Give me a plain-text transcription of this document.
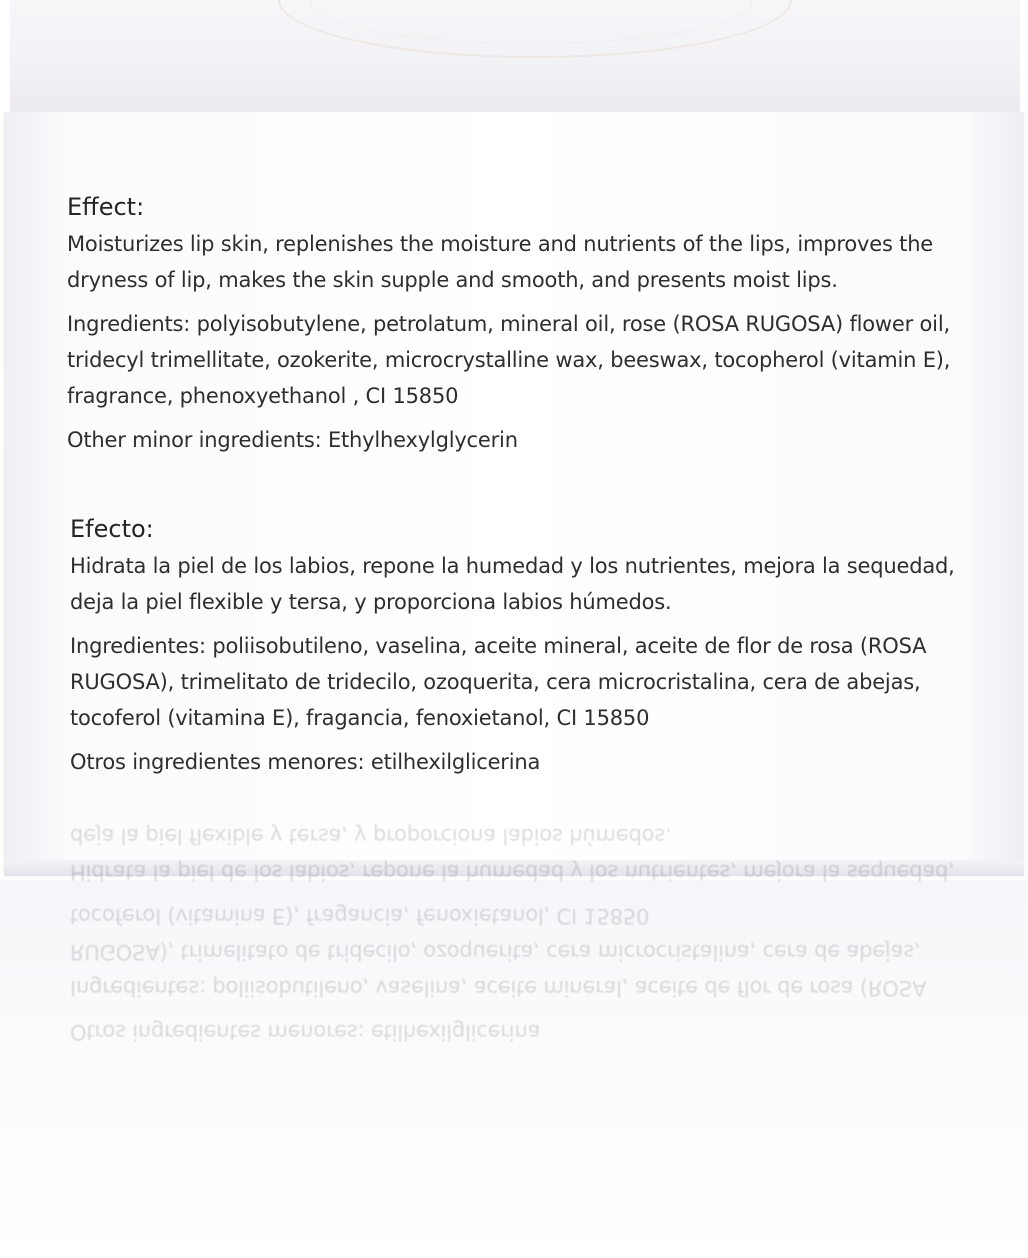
Effect:
Moisturizes lip skin, replenishes the moisture and nutrients of the lips, improves the dryness of lip, makes the skin supple and smooth, and presents moist lips.
Ingredients: polyisobutylene, petrolatum, mineral oil, rose (ROSA RUGOSA) flower oil, tridecyl trimellitate, ozokerite, microcrystalline wax, beeswax, tocopherol (vitamin E), fragrance, phenoxyethanol , CI 15850
Other minor ingredients: Ethylhexylglycerin
Efecto:
Hidrata la piel de los labios, repone la humedad y los nutrientes, mejora la sequedad, deja la piel flexible y tersa, y proporciona labios húmedos.
Ingredientes: poliisobutileno, vaselina, aceite mineral, aceite de flor de rosa (ROSA RUGOSA), trimelitato de tridecilo, ozoquerita, cera microcristalina, cera de abejas, tocoferol (vitamina E), fragancia, fenoxietanol, CI 15850
Otros ingredientes menores: etilhexilglicerina
Otros ingredientes menores: etilhexilglicerina
Ingredientes: poliisobutileno, vaselina, aceite mineral, aceite de flor de rosa (ROSA RUGOSA), trimelitato de tridecilo, ozoquerita, cera microcristalina, cera de abejas, tocoferol (vitamina E), fragancia, fenoxietanol, CI 15850
Hidrata la piel de los labios, repone la humedad y los nutrientes, mejora la sequedad, deja la piel flexible y tersa, y proporciona labios húmedos.
